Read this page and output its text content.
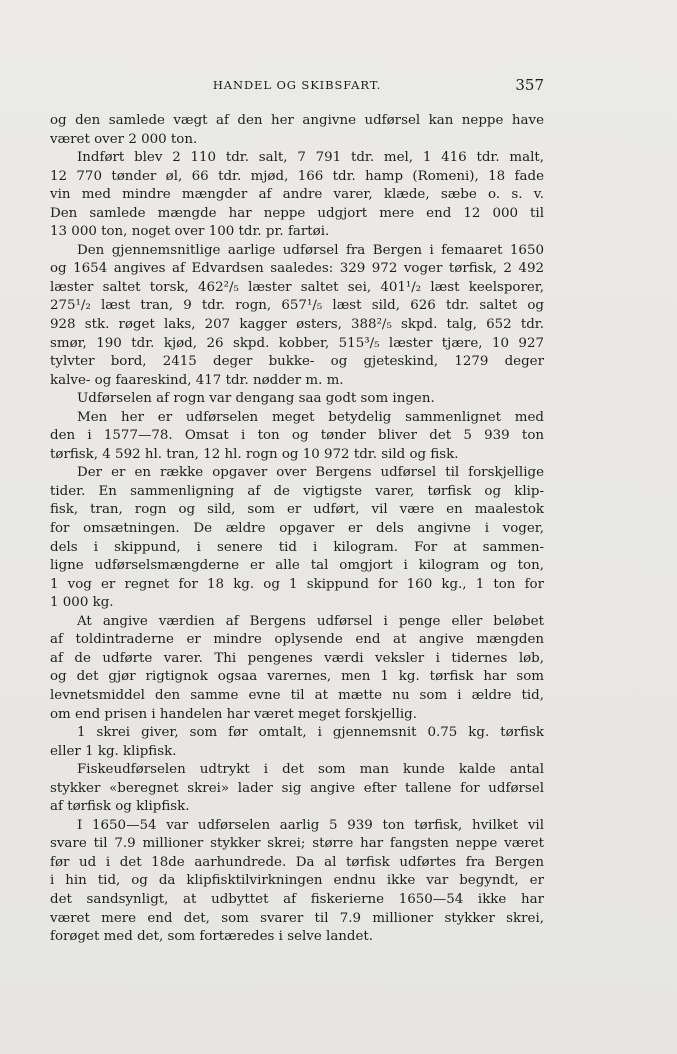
HANDEL OG SKIBSFART.	357
og den samlede vægt af den her angivne udførsel kan neppe have
været over 2 000 ton.
Indført blev 2 110 tdr. salt, 7 791 tdr. mel, 1 416 tdr. malt,
12 770 tønder øl, 66 tdr. mjød, 166 tdr. hamp (Romeni), 18 fade
vin med mindre mængder af andre varer, klæde, sæbe o. s. v.
Den samlede mængde har neppe udgjort mere end 12 000 til
13 000 ton, noget over 100 tdr. pr. fartøi.
Den gjennemsnitlige aarlige udførsel fra Bergen i femaaret 1650
og 1654 angives af Edvardsen saaledes: 329 972 voger tørfisk, 2 492
læster saltet torsk, 462²/₅ læster saltet sei, 401¹/₂ læst keelsporer,
275¹/₂ læst tran, 9 tdr. rogn, 657¹/₅ læst sild, 626 tdr. saltet og
928 stk. røget laks, 207 kagger østers, 388²/₅ skpd. talg, 652 tdr.
smør, 190 tdr. kjød, 26 skpd. kobber, 515³/₅ læster tjære, 10 927
tylvter bord, 2415 deger bukke- og gjeteskind, 1279 deger
kalve- og faareskind, 417 tdr. nødder m. m.
Udførselen af rogn var dengang saa godt som ingen.
Men her er udførselen meget betydelig sammenlignet med
den i 1577—78. Omsat i ton og tønder bliver det 5 939 ton
tørfisk, 4 592 hl. tran, 12 hl. rogn og 10 972 tdr. sild og fisk.
Der er en række opgaver over Bergens udførsel til forskjellige
tider. En sammenligning af de vigtigste varer, tørfisk og klip-
fisk, tran, rogn og sild, som er udført, vil være en maalestok
for omsætningen. De ældre opgaver er dels angivne i voger,
dels i skippund, i senere tid i kilogram. For at sammen-
ligne udførselsmængderne er alle tal omgjort i kilogram og ton,
1 vog er regnet for 18 kg. og 1 skippund for 160 kg., 1 ton for
1 000 kg.
At angive værdien af Bergens udførsel i penge eller beløbet
af toldintraderne er mindre oplysende end at angive mængden
af de udførte varer. Thi pengenes værdi veksler i tidernes løb,
og det gjør rigtignok ogsaa varernes, men 1 kg. tørfisk har som
levnetsmiddel den samme evne til at mætte nu som i ældre tid,
om end prisen i handelen har været meget forskjellig.
1 skrei giver, som før omtalt, i gjennemsnit 0.75 kg. tørfisk
eller 1 kg. klipfisk.
Fiskeudførselen udtrykt i det som man kunde kalde antal
stykker «beregnet skrei» lader sig angive efter tallene for udførsel
af tørfisk og klipfisk.
I 1650—54 var udførselen aarlig 5 939 ton tørfisk, hvilket vil
svare til 7.9 millioner stykker skrei; større har fangsten neppe været
før ud i det 18de aarhundrede. Da al tørfisk udførtes fra Bergen
i hin tid, og da klipfisktilvirkningen endnu ikke var begyndt, er
det sandsynligt, at udbyttet af fiskerierne 1650—54 ikke har
været mere end det, som svarer til 7.9 millioner stykker skrei,
forøget med det, som fortæredes i selve landet.
